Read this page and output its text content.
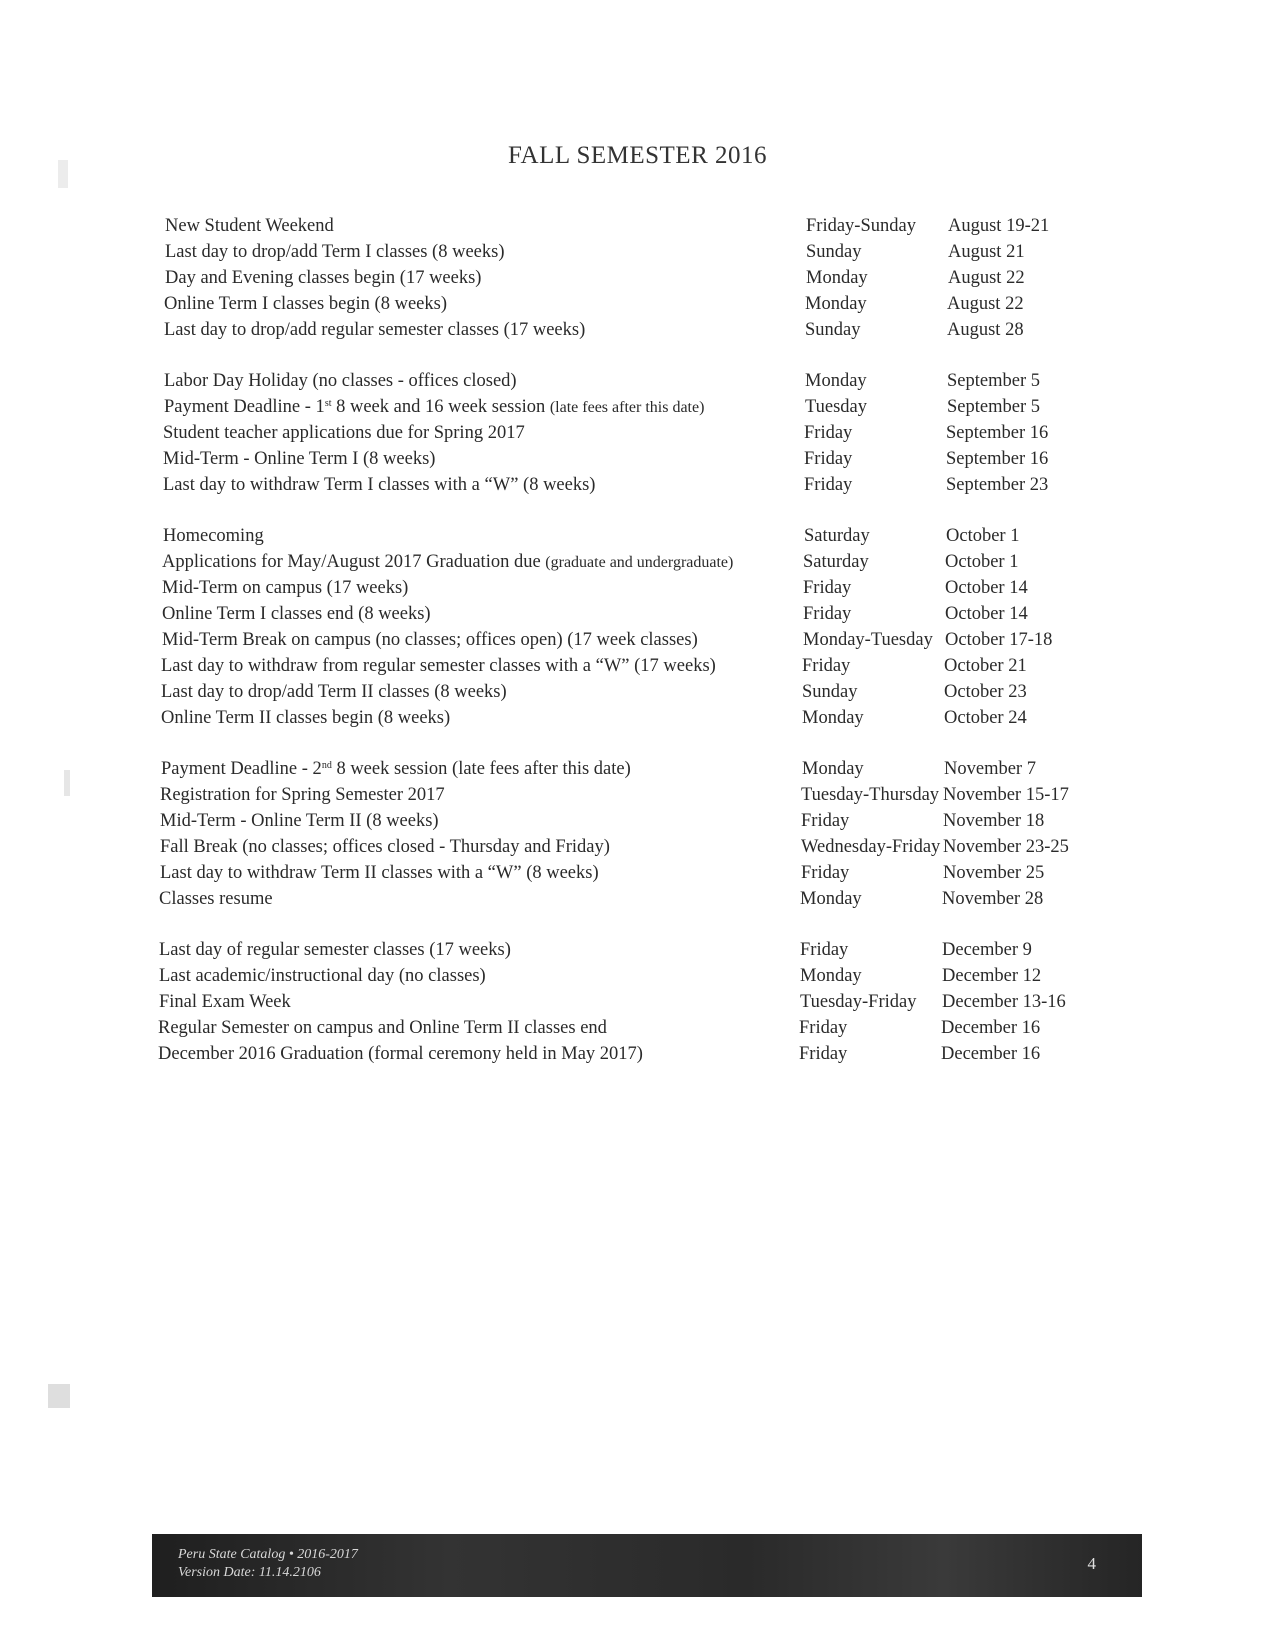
FALL SEMESTER 2016
New Student Weekend	Friday-Sunday August 19-21
Last day to drop/add Term I classes (8 weeks)	Sunday	August 21
Day and Evening classes begin (17 weeks)	Monday	August 22
Online Term I classes begin (8 weeks)	Monday	August 22
Last day to drop/add regular semester classes (17 weeks)	Sunday	August 28
Labor Day Holiday (no classes - offices closed)	Monday	September 5
Payment Deadline - 1st 8 week and 16 week session (late fees after this date)	Tuesday	September 5
Student teacher applications due for Spring 2017	Friday	September 16
Mid-Term - Online Term I (8 weeks)	Friday	September 16
Last day to withdraw Term I classes with a “W” (8 weeks)	Friday	September 23
Homecoming	Saturday	October 1
Applications for May/August 2017 Graduation due (graduate and undergraduate)	Saturday	October 1
Mid-Term on campus (17 weeks)	Friday	October 14
Online Term I classes end (8 weeks)	Friday	October 14
Mid-Term Break on campus (no classes; offices open) (17 week classes)	Monday-Tuesday October 17-18
Last day to withdraw from regular semester classes with a “W” (17 weeks)	Friday	October 21
Last day to drop/add Term II classes (8 weeks)	Sunday	October 23
Online Term II classes begin (8 weeks)	Monday	October 24
Payment Deadline - 2nd 8 week session (late fees after this date)	Monday	November 7
Registration for Spring Semester 2017	Tuesday-Thursday November 15-17
Mid-Term - Online Term II (8 weeks)	Friday	November 18
Fall Break (no classes; offices closed - Thursday and Friday)	Wednesday-Friday November 23-25
Last day to withdraw Term II classes with a “W” (8 weeks)	Friday	November 25
Classes resume	Monday	November 28
Last day of regular semester classes (17 weeks)	Friday	December 9
Last academic/instructional day (no classes)	Monday	December 12
Final Exam Week	Tuesday-Friday December 13-16
Regular Semester on campus and Online Term II classes end	Friday	December 16
December 2016 Graduation (formal ceremony held in May 2017)	Friday	December 16
Peru State Catalog • 2016-2017
Version Date: 11.14.2106	4
